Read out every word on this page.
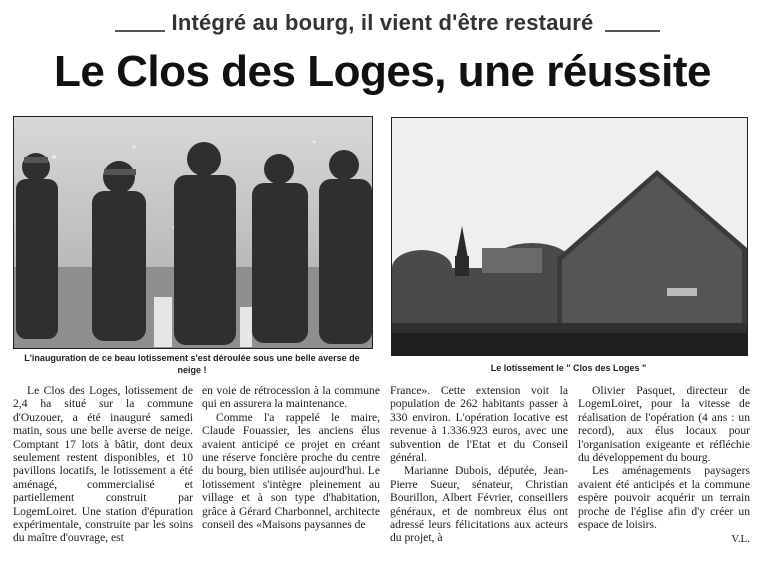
Intégré au bourg, il vient d'être restauré
Le Clos des Loges, une réussite
L'inauguration de ce beau lotissement s'est déroulée sous une belle averse de neige !	Le lotissement le " Clos des Loges "

Le Clos des Loges, lotissement de 2,4 ha situé sur la commune d'Ouzouer, a été inauguré samedi matin, sous une belle averse de neige. Comptant 17 lots à bâtir, dont deux seulement restent disponibles, et 10 pavillons locatifs, le lotissement a été aménagé, commercialisé et partiellement construit par LogemLoiret. Une station d'épuration expérimentale, construite par les soins du maître d'ouvrage, est

en voie de rétrocession à la commune qui en assurera la maintenance.

Comme l'a rappelé le maire, Claude Fouassier, les anciens élus avaient anticipé ce projet en créant une réserve foncière proche du centre du bourg, bien utilisée aujourd'hui. Le lotissement s'intègre pleinement au village et à son type d'habitation, grâce à Gérard Charbonnel, architecte conseil des «Maisons paysannes de

France». Cette extension voit la population de 262 habitants passer à 330 environ. L'opération locative est revenue à 1.336.923 euros, avec une subvention de l'Etat et du Conseil général.

Marianne Dubois, députée, Jean-Pierre Sueur, sénateur, Christian Bourillon, Albert Février, conseillers généraux, et de nombreux élus ont adressé leurs félicitations aux acteurs du projet, à

Olivier Pasquet, directeur de LogemLoiret, pour la vitesse de réalisation de l'opération (4 ans : un record), aux élus locaux pour l'organisation exigeante et réfléchie du développement du bourg.

Les aménagements paysagers avaient été anticipés et la commune espère pouvoir acquérir un terrain proche de l'église afin d'y créer un espace de loisirs.

V.L.
